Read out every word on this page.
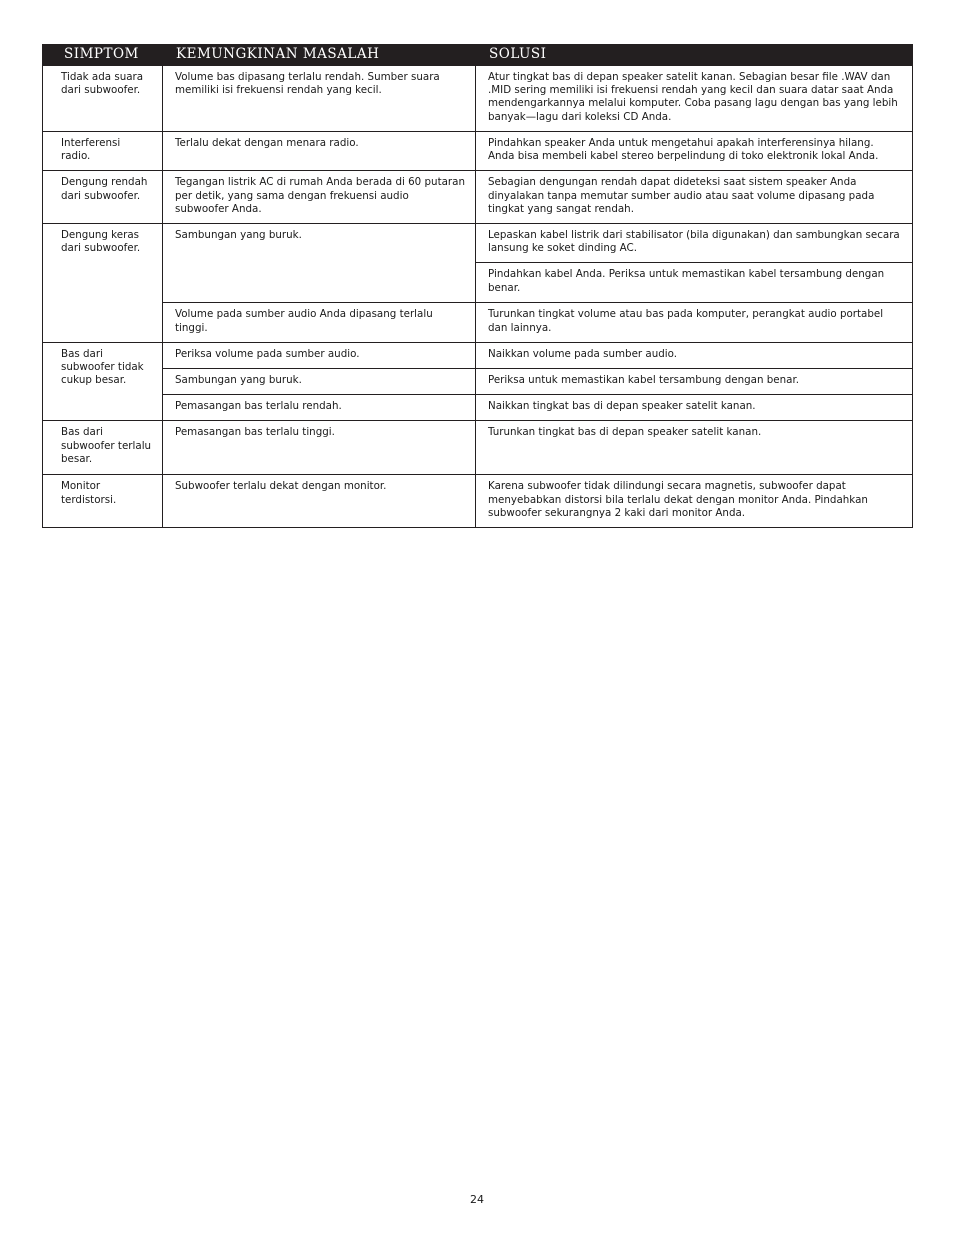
SIMPTOM	KEMUNGKINAN MASALAH	SOLUSI
Tidak ada suara dari subwoofer.	Volume bas dipasang terlalu rendah. Sumber suara memiliki isi frekuensi rendah yang kecil.	Atur tingkat bas di depan speaker satelit kanan. Sebagian besar file .WAV dan .MID sering memiliki isi frekuensi rendah yang kecil dan suara datar saat Anda mendengarkannya melalui komputer. Coba pasang lagu dengan bas yang lebih banyak—lagu dari koleksi CD Anda.
Interferensi radio.	Terlalu dekat dengan menara radio.	Pindahkan speaker Anda untuk mengetahui apakah interferensinya hilang. Anda bisa membeli kabel stereo berpelindung di toko elektronik lokal Anda.
Dengung rendah dari subwoofer.	Tegangan listrik AC di rumah Anda berada di 60 putaran per detik, yang sama dengan frekuensi audio subwoofer Anda.	Sebagian dengungan rendah dapat dideteksi saat sistem speaker Anda dinyalakan tanpa memutar sumber audio atau saat volume dipasang pada tingkat yang sangat rendah.
Dengung keras dari subwoofer.	Sambungan yang buruk.	Lepaskan kabel listrik dari stabilisator (bila digunakan) dan sambungkan secara lansung ke soket dinding AC.
		Pindahkan kabel Anda. Periksa untuk memastikan kabel tersambung dengan benar.
	Volume pada sumber audio Anda dipasang terlalu tinggi.	Turunkan tingkat volume atau bas pada komputer, perangkat audio portabel dan lainnya.
Bas dari subwoofer tidak cukup besar.	Periksa volume pada sumber audio.	Naikkan volume pada sumber audio.
	Sambungan yang buruk.	Periksa untuk memastikan kabel tersambung dengan benar.
	Pemasangan bas terlalu rendah.	Naikkan tingkat bas di depan speaker satelit kanan.
Bas dari subwoofer terlalu besar.	Pemasangan bas terlalu tinggi.	Turunkan tingkat bas di depan speaker satelit kanan.
Monitor terdistorsi.	Subwoofer terlalu dekat dengan monitor.	Karena subwoofer tidak dilindungi secara magnetis, subwoofer dapat menyebabkan distorsi bila terlalu dekat dengan monitor Anda. Pindahkan subwoofer sekurangnya 2 kaki dari monitor Anda.
24
